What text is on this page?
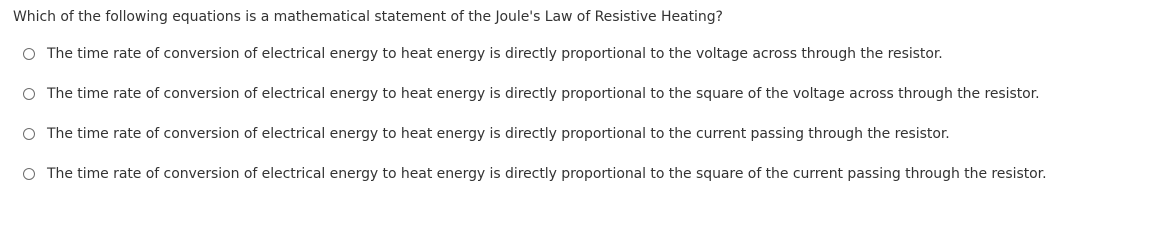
Which of the following equations is a mathematical statement of the Joule's Law of Resistive Heating?
The time rate of conversion of electrical energy to heat energy is directly proportional to the voltage across through the resistor.
The time rate of conversion of electrical energy to heat energy is directly proportional to the square of the voltage across through the resistor.
The time rate of conversion of electrical energy to heat energy is directly proportional to the current passing through the resistor.
The time rate of conversion of electrical energy to heat energy is directly proportional to the square of the current passing through the resistor.
